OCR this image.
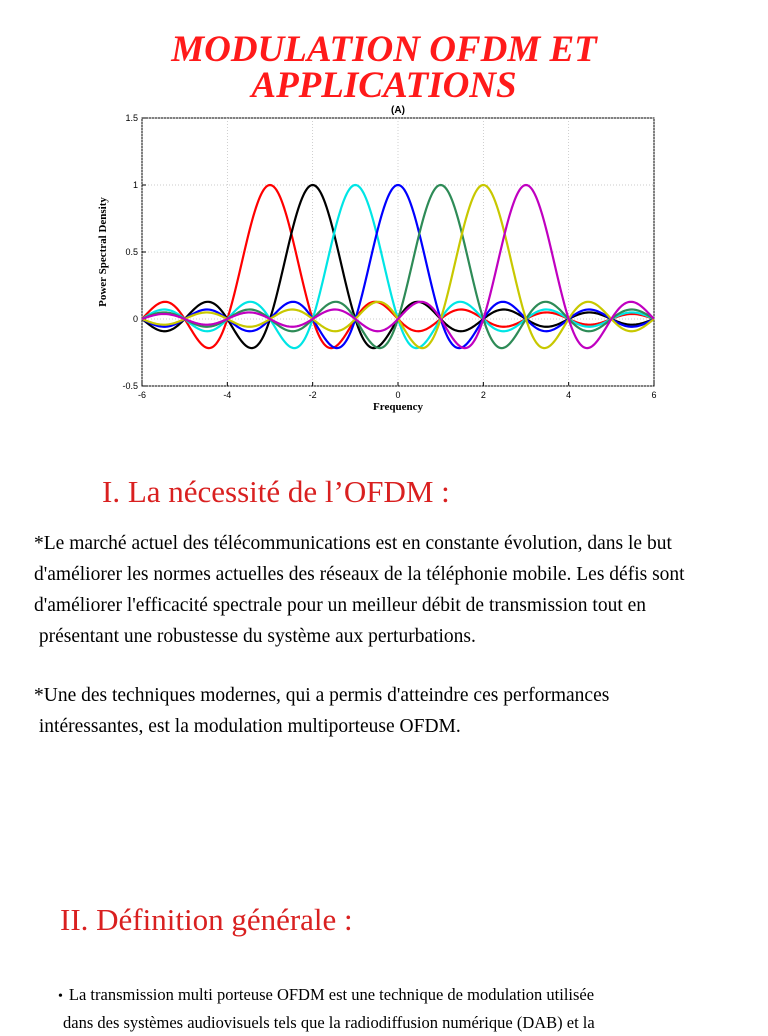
MODULATION OFDM ET
APPLICATIONS
-6	-4	-2	0	2	4	6
-0.5
0
0.5
1
1.5
(A)
Frequency
Power Spectral Density
I. La nécessité de l’OFDM :
*Le marché actuel des télécommunications est en constante évolution, dans le but
d'améliorer les normes actuelles des réseaux de la téléphonie mobile. Les défis sont
d'améliorer l'efficacité spectrale pour un meilleur débit de transmission tout en
présentant une robustesse du système aux perturbations.
*Une des techniques modernes, qui a permis d'atteindre ces performances
intéressantes, est la modulation multiporteuse OFDM.
II. Définition générale :
• La transmission multi porteuse OFDM est une technique de modulation utilisée
dans des systèmes audiovisuels tels que la radiodiffusion numérique (DAB) et la
